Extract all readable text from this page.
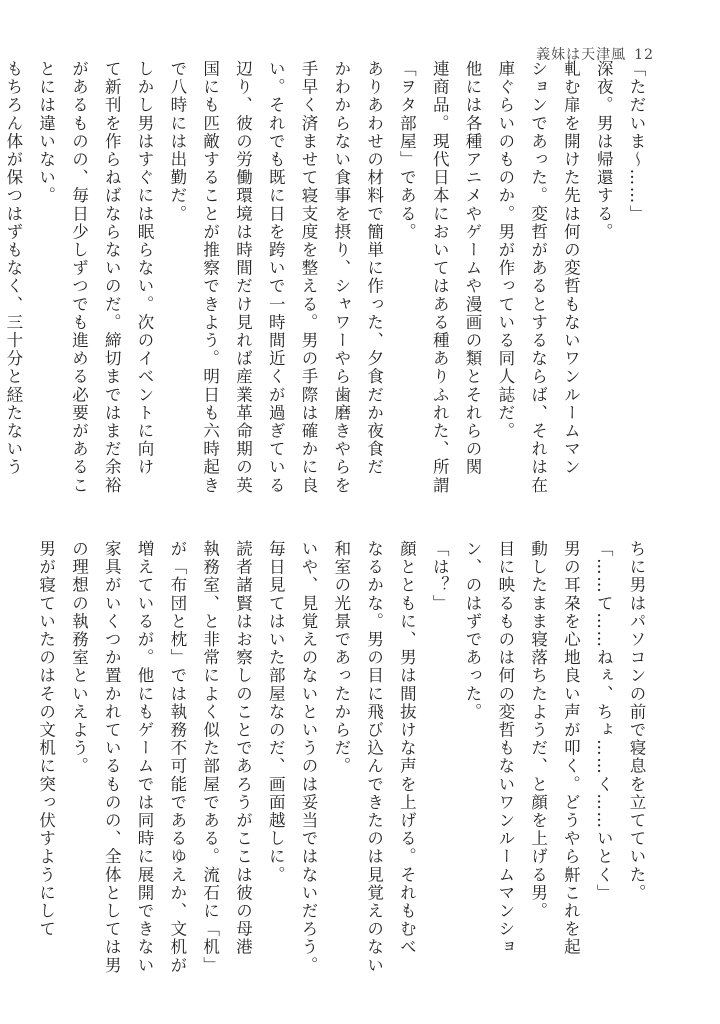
義妹は天津風 12

「ただいま〜……」

深夜。男は帰還する。

軋む扉を開けた先は何の変哲もないワンルームマン

ションであった。変哲があるとするならば、それは在

庫ぐらいのものか。男が作っている同人誌だ。

他には各種アニメやゲームや漫画の類とそれらの関

連商品。現代日本においてはある種ありふれた、所謂

「ヲタ部屋」である。

ありあわせの材料で簡単に作った、夕食だか夜食だ

かわからない食事を摂り、シャワーやら歯磨きやらを

手早く済ませて寝支度を整える。男の手際は確かに良

い。それでも既に日を跨いで一時間近くが過ぎている

辺り、彼の労働環境は時間だけ見れば産業革命期の英

国にも匹敵することが推察できよう。明日も六時起き

で八時には出勤だ。

しかし男はすぐには眠らない。次のイベントに向け

て新刊を作らねばならないのだ。締切まではまだ余裕

があるものの、毎日少しずつでも進める必要があるこ

とには違いない。

もちろん体が保つはずもなく、三十分と経たないう

ちに男はパソコンの前で寝息を立てていた。

「……て……ねぇ、ちょ……く……いとく」

男の耳朶を心地良い声が叩く。どうやら鼾これを起

動したまま寝落ちたようだ、と顔を上げる男。

目に映るものは何の変哲もないワンルームマンショ

ン、のはずであった。

「は？」

顔とともに、男は間抜けな声を上げる。それもむべ

なるかな。男の目に飛び込んできたのは見覚えのない

和室の光景であったからだ。

いや、見覚えのないというのは妥当ではないだろう。

毎日見てはいた部屋なのだ、画面越しに。

読者諸賢はお察しのことであろうがここは彼の母港

執務室、と非常によく似た部屋である。流石に「机」

が「布団と枕」では執務不可能であるゆえか、文机が

増えているが。他にもゲームでは同時に展開できない

家具がいくつか置かれているものの、全体としては男

の理想の執務室といえよう。

男が寝ていたのはその文机に突っ伏すようにして
